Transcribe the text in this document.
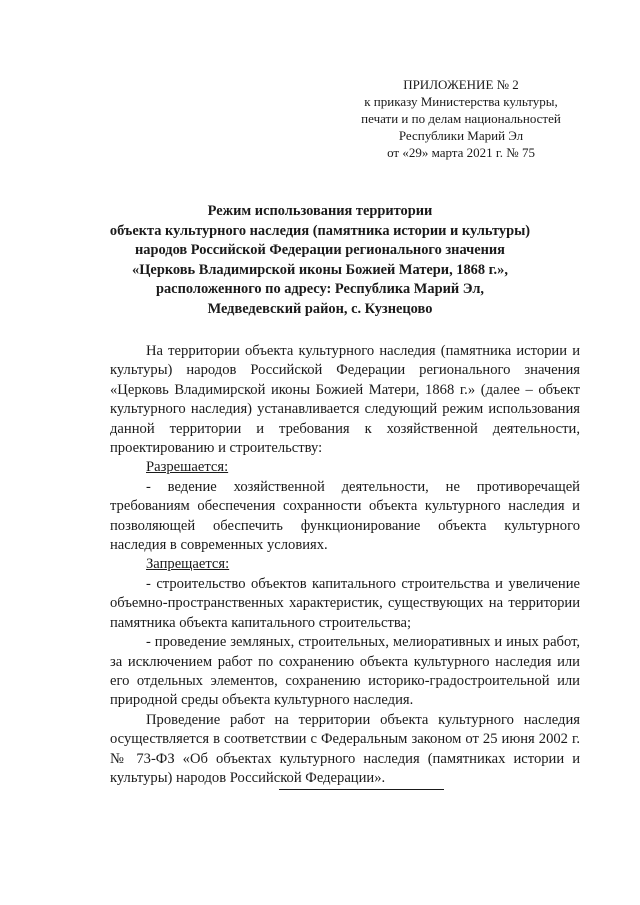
ПРИЛОЖЕНИЕ № 2
к приказу Министерства культуры,
печати и по делам национальностей
Республики Марий Эл
от «29» марта 2021 г. № 75
Режим использования территории
объекта культурного наследия (памятника истории и культуры)
народов Российской Федерации регионального значения
«Церковь Владимирской иконы Божией Матери, 1868 г.»,
расположенного по адресу: Республика Марий Эл,
Медведевский район, с. Кузнецово

На территории объекта культурного наследия (памятника истории и культуры) народов Российской Федерации регионального значения «Церковь Владимирской иконы Божией Матери, 1868 г.» (далее – объект культурного наследия) устанавливается следующий режим использования данной территории и требования к хозяйственной деятельности, проектированию и строительству:

Разрешается:

- ведение хозяйственной деятельности, не противоречащей требованиям обеспечения сохранности объекта культурного наследия и позволяющей обеспечить функционирование объекта культурного наследия в современных условиях.

Запрещается:

- строительство объектов капитального строительства и увеличение объемно-пространственных характеристик, существующих на территории памятника объекта капитального строительства;

- проведение земляных, строительных, мелиоративных и иных работ, за исключением работ по сохранению объекта культурного наследия или его отдельных элементов, сохранению историко-градостроительной или природной среды объекта культурного наследия.

Проведение работ на территории объекта культурного наследия осуществляется в соответствии с Федеральным законом от 25 июня 2002 г. № 73-ФЗ «Об объектах культурного наследия (памятниках истории и культуры) народов Российской Федерации».
